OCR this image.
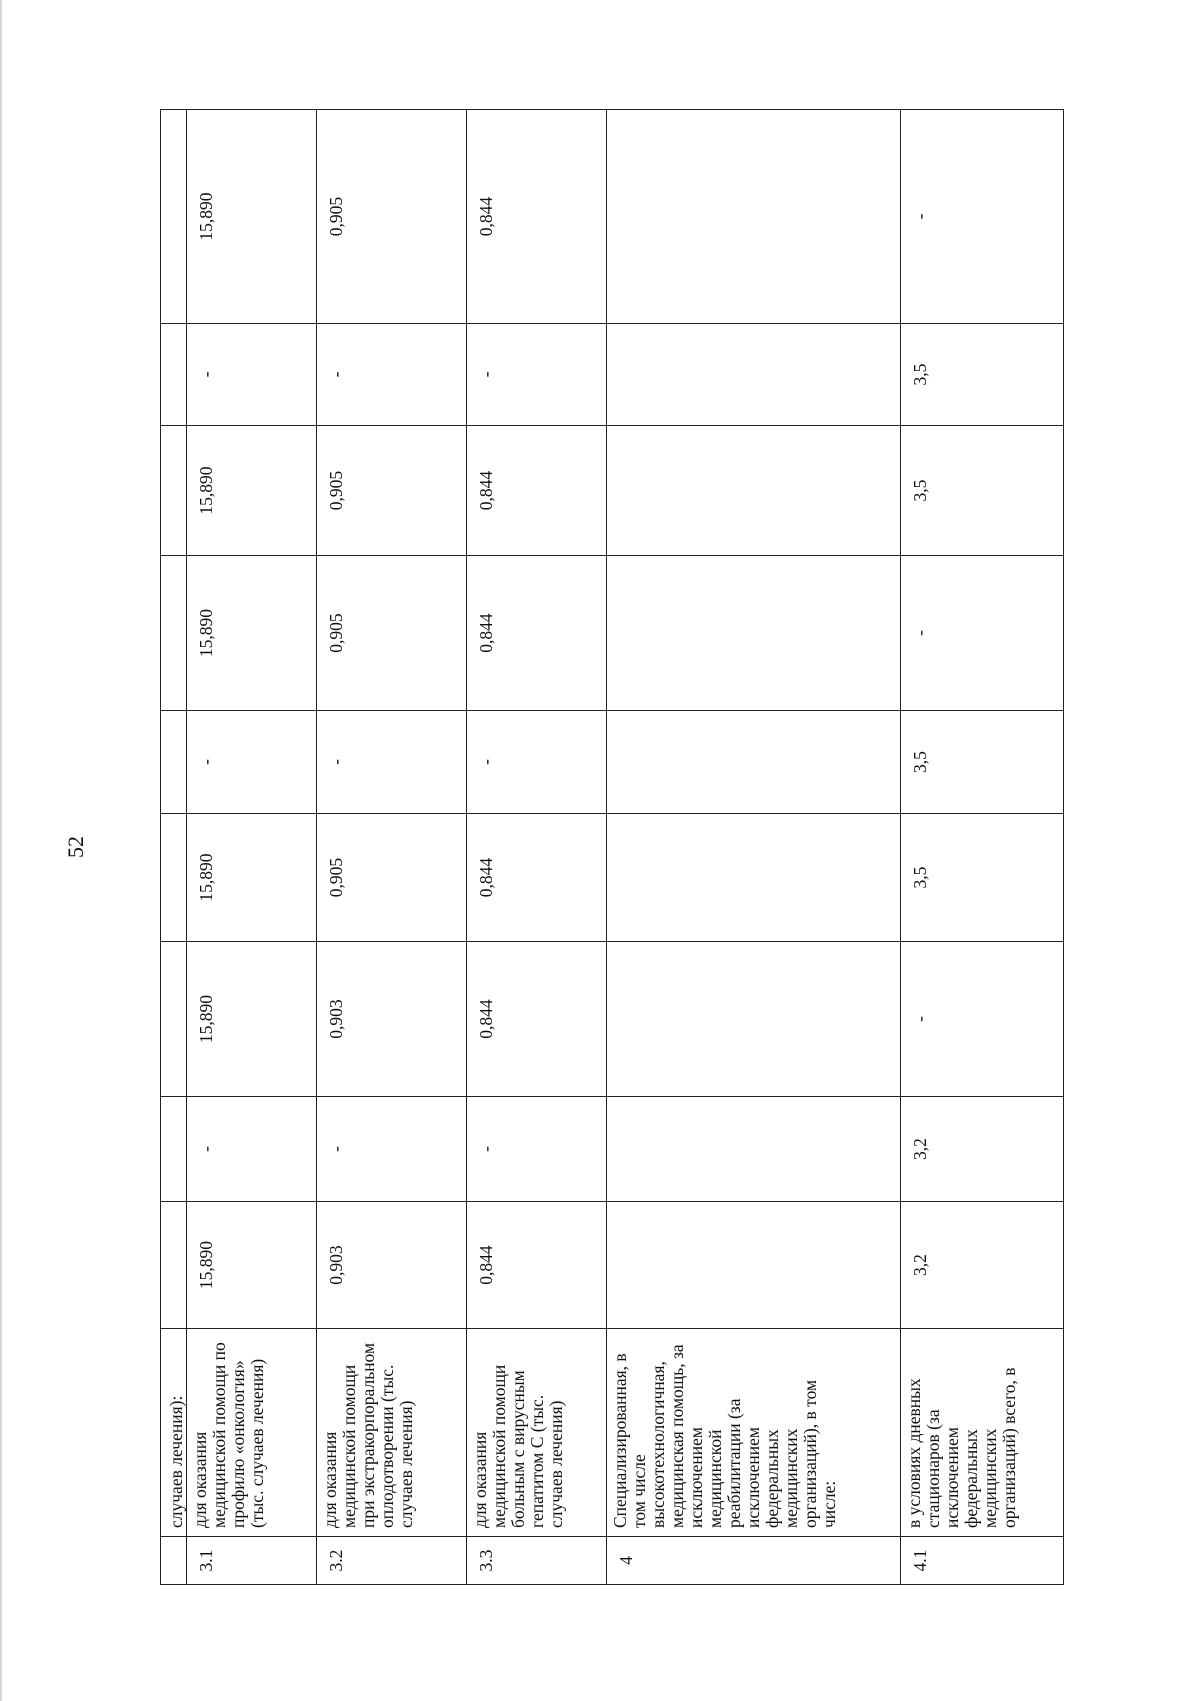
52
	случаев лечения):									
3.1	для оказания медицинской помощи по профилю «онкология» (тыс. случаев лечения)	15,890	-	15,890	15,890	-	15,890	15,890	-	15,890
3.2	для оказания медицинской помощи при экстракорпоральном оплодотворении (тыс. случаев лечения)	0,903	-	0,903	0,905	-	0,905	0,905	-	0,905
3.3	для оказания медицинской помощи больным с вирусным гепатитом С (тыс. случаев лечения)	0,844	-	0,844	0,844	-	0,844	0,844	-	0,844
4	Специализированная, в том числе высокотехнологичная, медицинская помощь, за исключением медицинской реабилитации (за исключением федеральных медицинских организаций), в том числе:									
4.1	в условиях дневных стационаров (за исключением федеральных медицинских организаций) всего, в	3,2	3,2	-	3,5	3,5	-	3,5	3,5	-
